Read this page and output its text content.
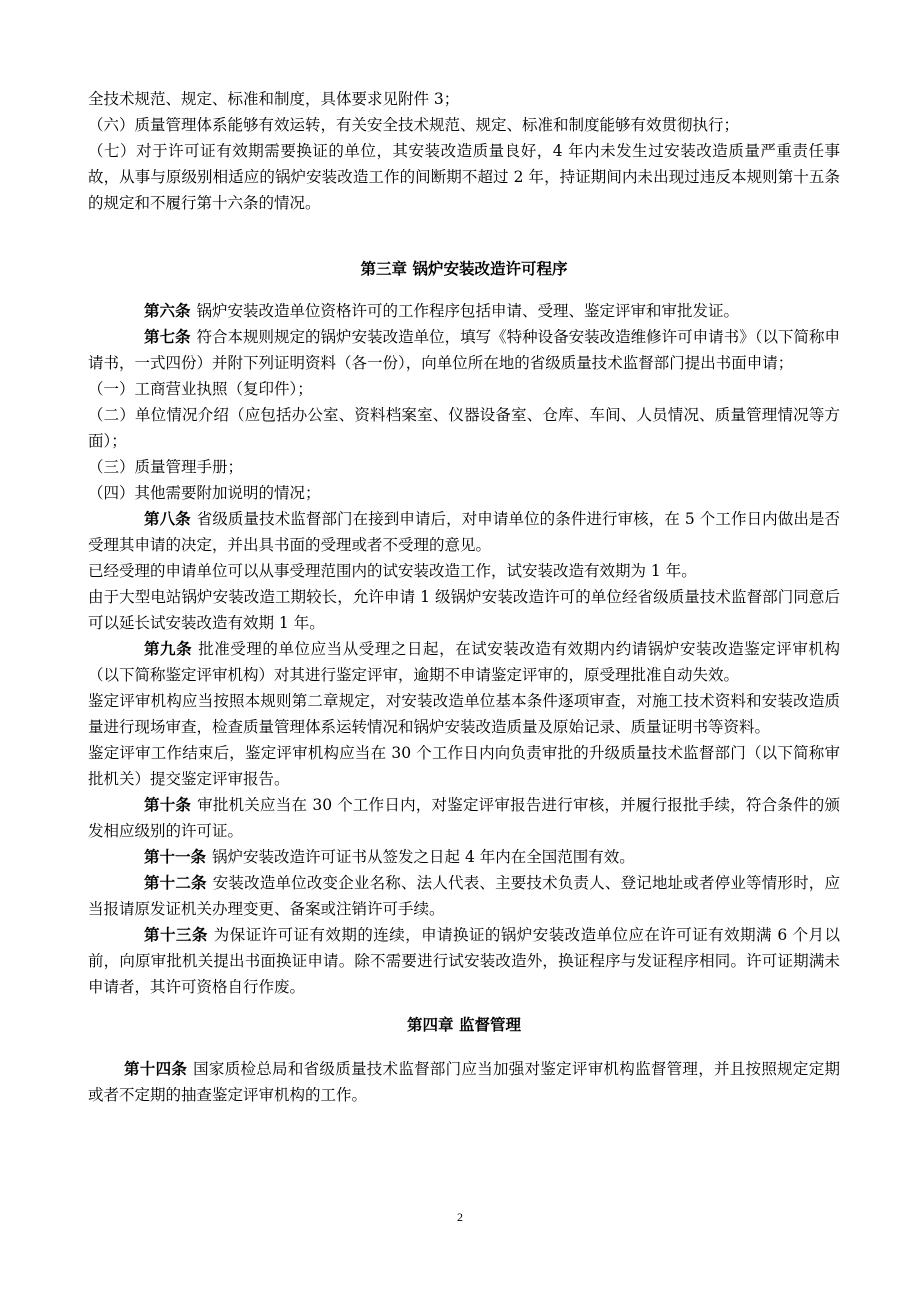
全技术规范、规定、标准和制度，具体要求见附件 3；

（六）质量管理体系能够有效运转，有关安全技术规范、规定、标准和制度能够有效贯彻执行；

（七）对于许可证有效期需要换证的单位，其安装改造质量良好，4 年内未发生过安装改造质量严重责任事故，从事与原级别相适应的锅炉安装改造工作的间断期不超过 2 年，持证期间内未出现过违反本规则第十五条的规定和不履行第十六条的情况。

第三章 锅炉安装改造许可程序

第六条 锅炉安装改造单位资格许可的工作程序包括申请、受理、鉴定评审和审批发证。

第七条 符合本规则规定的锅炉安装改造单位，填写《特种设备安装改造维修许可申请书》（以下简称申请书，一式四份）并附下列证明资料（各一份），向单位所在地的省级质量技术监督部门提出书面申请；

（一）工商营业执照（复印件）；

（二）单位情况介绍（应包括办公室、资料档案室、仪器设备室、仓库、车间、人员情况、质量管理情况等方面）；

（三）质量管理手册；

（四）其他需要附加说明的情况；

第八条 省级质量技术监督部门在接到申请后，对申请单位的条件进行审核，在 5 个工作日内做出是否受理其申请的决定，并出具书面的受理或者不受理的意见。

已经受理的申请单位可以从事受理范围内的试安装改造工作，试安装改造有效期为 1 年。

由于大型电站锅炉安装改造工期较长，允许申请 1 级锅炉安装改造许可的单位经省级质量技术监督部门同意后可以延长试安装改造有效期 1 年。

第九条 批准受理的单位应当从受理之日起，在试安装改造有效期内约请锅炉安装改造鉴定评审机构（以下简称鉴定评审机构）对其进行鉴定评审，逾期不申请鉴定评审的，原受理批准自动失效。

鉴定评审机构应当按照本规则第二章规定，对安装改造单位基本条件逐项审查，对施工技术资料和安装改造质量进行现场审查，检查质量管理体系运转情况和锅炉安装改造质量及原始记录、质量证明书等资料。

鉴定评审工作结束后，鉴定评审机构应当在 30 个工作日内向负责审批的升级质量技术监督部门（以下简称审批机关）提交鉴定评审报告。

第十条 审批机关应当在 30 个工作日内，对鉴定评审报告进行审核，并履行报批手续，符合条件的颁发相应级别的许可证。

第十一条 锅炉安装改造许可证书从签发之日起 4 年内在全国范围有效。

第十二条 安装改造单位改变企业名称、法人代表、主要技术负责人、登记地址或者停业等情形时，应当报请原发证机关办理变更、备案或注销许可手续。

第十三条 为保证许可证有效期的连续，申请换证的锅炉安装改造单位应在许可证有效期满 6 个月以前，向原审批机关提出书面换证申请。除不需要进行试安装改造外，换证程序与发证程序相同。许可证期满未申请者，其许可资格自行作废。

第四章 监督管理

第十四条 国家质检总局和省级质量技术监督部门应当加强对鉴定评审机构监督管理，并且按照规定定期或者不定期的抽查鉴定评审机构的工作。

2
